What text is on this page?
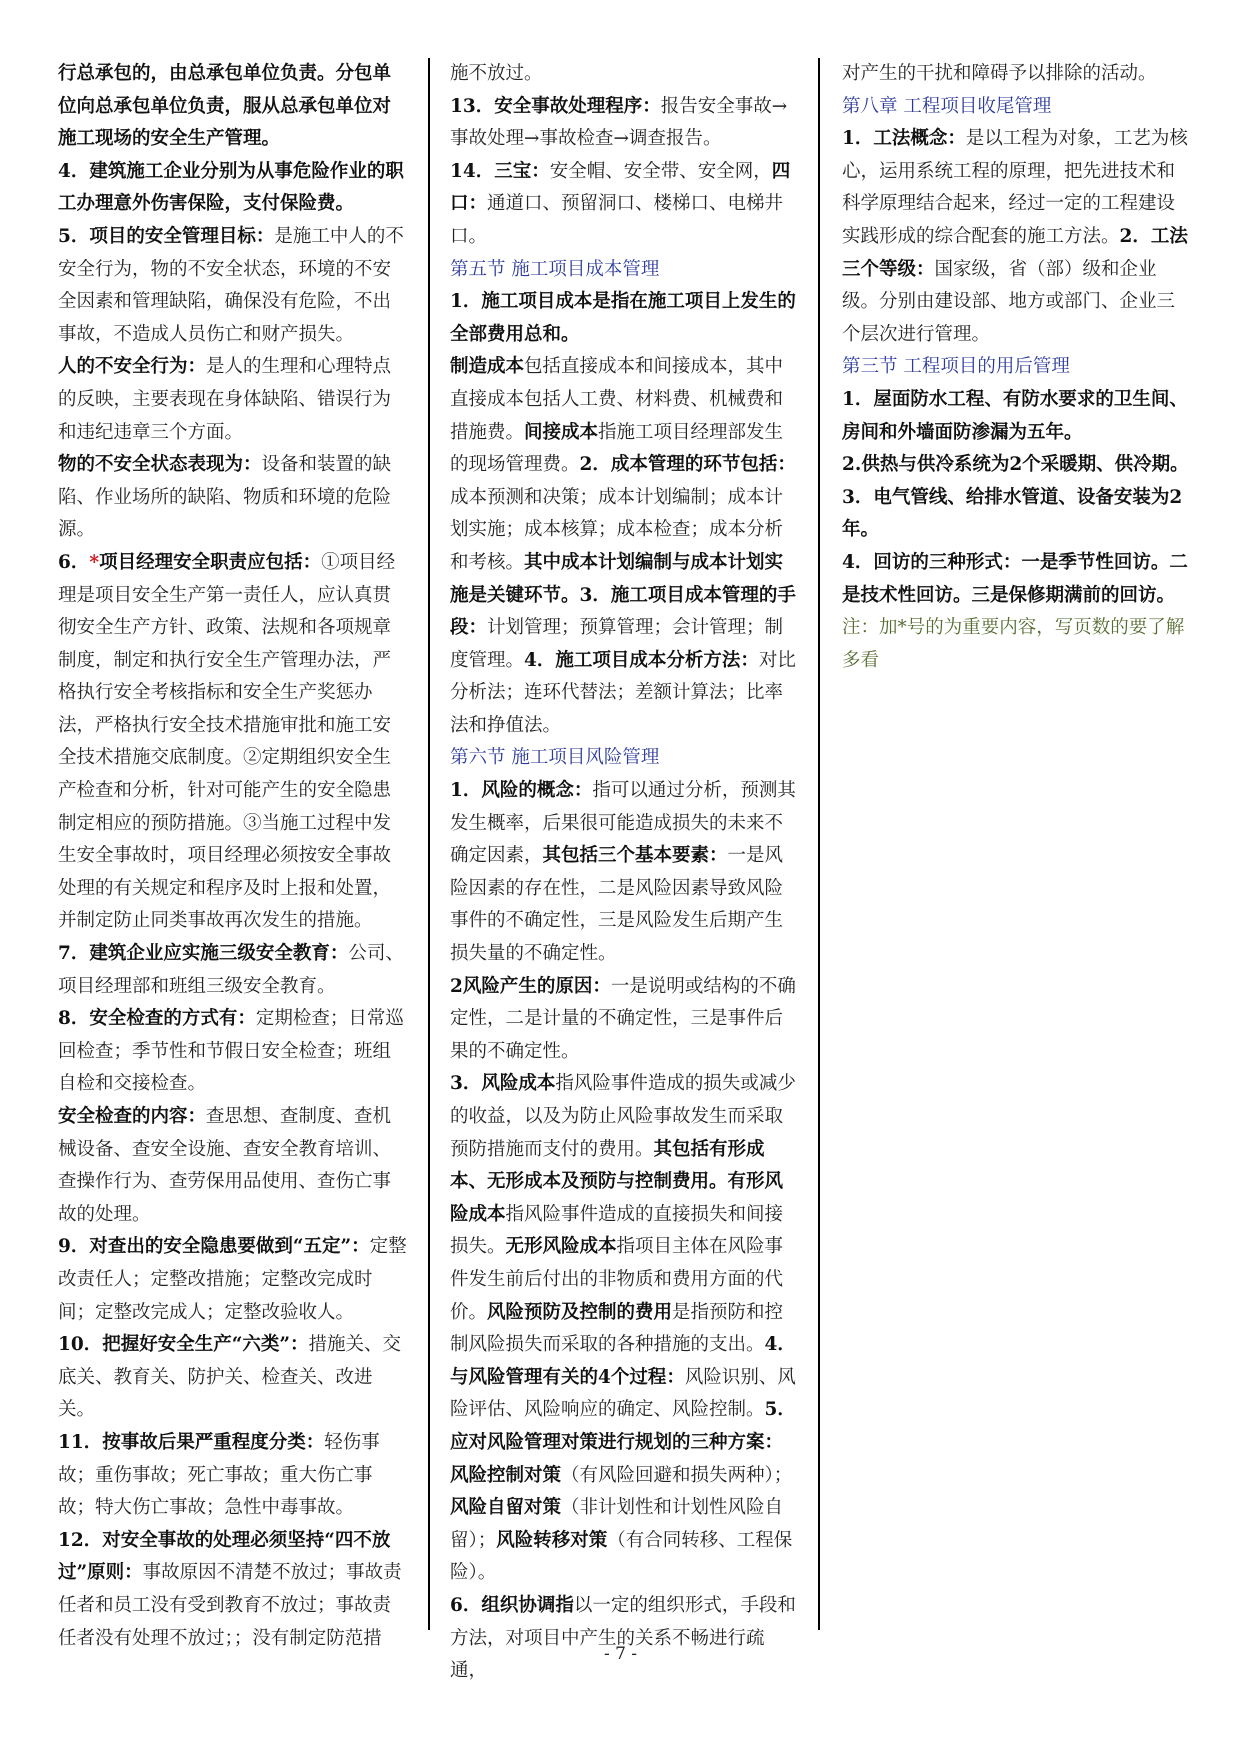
行总承包的，由总承包单位负责。分包单位向总承包单位负责，服从总承包单位对施工现场的安全生产管理。

4．建筑施工企业分别为从事危险作业的职工办理意外伤害保险，支付保险费。

5．项目的安全管理目标：是施工中人的不安全行为，物的不安全状态，环境的不安全因素和管理缺陷，确保没有危险，不出事故，不造成人员伤亡和财产损失。

人的不安全行为：是人的生理和心理特点的反映，主要表现在身体缺陷、错误行为和违纪违章三个方面。

物的不安全状态表现为：设备和装置的缺陷、作业场所的缺陷、物质和环境的危险源。

6．*项目经理安全职责应包括：①项目经理是项目安全生产第一责任人，应认真贯彻安全生产方针、政策、法规和各项规章制度，制定和执行安全生产管理办法，严格执行安全考核指标和安全生产奖惩办法，严格执行安全技术措施审批和施工安全技术措施交底制度。②定期组织安全生产检查和分析，针对可能产生的安全隐患制定相应的预防措施。③当施工过程中发生安全事故时，项目经理必须按安全事故处理的有关规定和程序及时上报和处置，并制定防止同类事故再次发生的措施。

7．建筑企业应实施三级安全教育：公司、项目经理部和班组三级安全教育。

8．安全检查的方式有：定期检查；日常巡回检查；季节性和节假日安全检查；班组自检和交接检查。

安全检查的内容：查思想、查制度、查机械设备、查安全设施、查安全教育培训、查操作行为、查劳保用品使用、查伤亡事故的处理。

9．对查出的安全隐患要做到“五定”：定整改责任人；定整改措施；定整改完成时间；定整改完成人；定整改验收人。

10．把握好安全生产“六类”：措施关、交底关、教育关、防护关、检查关、改进关。

11．按事故后果严重程度分类：轻伤事故；重伤事故；死亡事故；重大伤亡事故；特大伤亡事故；急性中毒事故。

12．对安全事故的处理必须坚持“四不放过”原则：事故原因不清楚不放过；事故责任者和员工没有受到教育不放过；事故责任者没有处理不放过；；没有制定防范措

施不放过。

13．安全事故处理程序：报告安全事故→事故处理→事故检查→调查报告。

14．三宝：安全帽、安全带、安全网，四口：通道口、预留洞口、楼梯口、电梯井口。

第五节 施工项目成本管理

1．施工项目成本是指在施工项目上发生的全部费用总和。

制造成本包括直接成本和间接成本，其中直接成本包括人工费、材料费、机械费和措施费。间接成本指施工项目经理部发生的现场管理费。2．成本管理的环节包括：成本预测和决策；成本计划编制；成本计划实施；成本核算；成本检查；成本分析和考核。其中成本计划编制与成本计划实施是关键环节。3．施工项目成本管理的手段：计划管理；预算管理；会计管理；制度管理。4．施工项目成本分析方法：对比分析法；连环代替法；差额计算法；比率法和挣值法。

第六节 施工项目风险管理

1．风险的概念：指可以通过分析，预测其发生概率，后果很可能造成损失的未来不确定因素，其包括三个基本要素：一是风险因素的存在性，二是风险因素导致风险事件的不确定性，三是风险发生后期产生损失量的不确定性。

2风险产生的原因：一是说明或结构的不确定性，二是计量的不确定性，三是事件后果的不确定性。

3．风险成本指风险事件造成的损失或减少的收益，以及为防止风险事故发生而采取预防措施而支付的费用。其包括有形成本、无形成本及预防与控制费用。有形风险成本指风险事件造成的直接损失和间接损失。无形风险成本指项目主体在风险事件发生前后付出的非物质和费用方面的代价。风险预防及控制的费用是指预防和控制风险损失而采取的各种措施的支出。4．与风险管理有关的4个过程：风险识别、风险评估、风险响应的确定、风险控制。5．应对风险管理对策进行规划的三种方案：风险控制对策（有风险回避和损失两种）；风险自留对策（非计划性和计划性风险自留）；风险转移对策（有合同转移、工程保险）。

6．组织协调指以一定的组织形式，手段和方法，对项目中产生的关系不畅进行疏通，

对产生的干扰和障碍予以排除的活动。

第八章 工程项目收尾管理

1．工法概念：是以工程为对象，工艺为核心，运用系统工程的原理，把先进技术和科学原理结合起来，经过一定的工程建设实践形成的综合配套的施工方法。2．工法三个等级：国家级，省（部）级和企业级。分别由建设部、地方或部门、企业三个层次进行管理。

第三节 工程项目的用后管理

1．屋面防水工程、有防水要求的卫生间、房间和外墙面防渗漏为五年。

2.供热与供冷系统为2个采暖期、供冷期。

3．电气管线、给排水管道、设备安装为2年。

4．回访的三种形式：一是季节性回访。二是技术性回访。三是保修期满前的回访。

注：加*号的为重要内容，写页数的要了解多看

- 7 -
